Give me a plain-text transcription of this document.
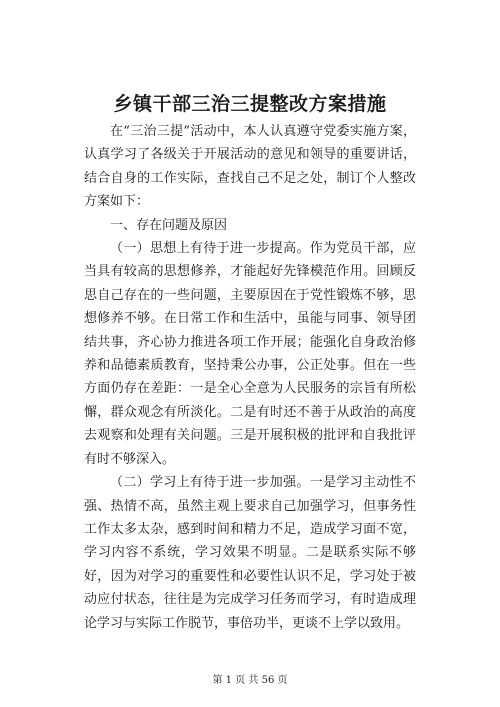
乡镇干部三治三提整改方案措施

在“三治三提”活动中，本人认真遵守党委实施方案，认真学习了各级关于开展活动的意见和领导的重要讲话，结合自身的工作实际，查找自己不足之处，制订个人整改方案如下：

一、存在问题及原因

（一）思想上有待于进一步提高。作为党员干部，应当具有较高的思想修养，才能起好先锋模范作用。回顾反思自己存在的一些问题，主要原因在于党性锻炼不够，思想修养不够。在日常工作和生活中，虽能与同事、领导团结共事，齐心协力推进各项工作开展；能强化自身政治修养和品德素质教育，坚持秉公办事，公正处事。但在一些方面仍存在差距：一是全心全意为人民服务的宗旨有所松懈，群众观念有所淡化。二是有时还不善于从政治的高度去观察和处理有关问题。三是开展积极的批评和自我批评有时不够深入。

（二）学习上有待于进一步加强。一是学习主动性不强、热情不高，虽然主观上要求自己加强学习，但事务性工作太多太杂，感到时间和精力不足，造成学习面不宽，学习内容不系统，学习效果不明显。二是联系实际不够好，因为对学习的重要性和必要性认识不足，学习处于被动应付状态，往往是为完成学习任务而学习，有时造成理论学习与实际工作脱节，事倍功半，更谈不上学以致用。

第 1 页 共 56 页
